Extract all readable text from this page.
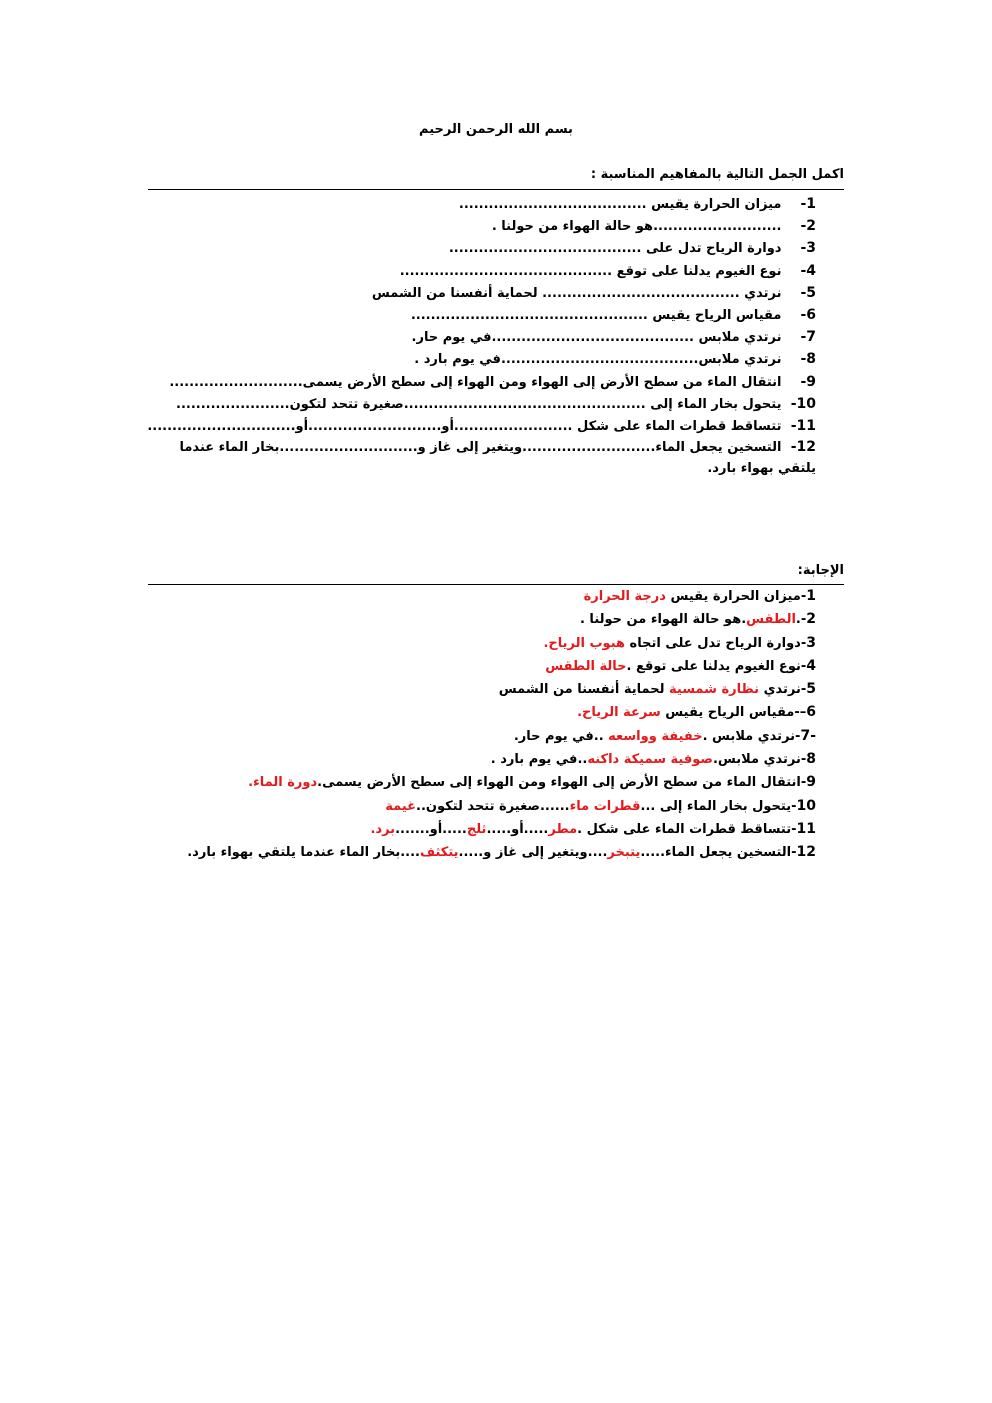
بسم الله الرحمن الرحيم
اكمل الجمل التالية بالمفاهيم المناسبة :
1- ميزان الحرارة يقيس ......................................
2- ..........................هو حالة الهواء من حولنا .
3- دوارة الرياح تدل على .......................................
4- نوع الغيوم يدلنا على توقع ...........................................
5- نرتدي ........................................ لحماية أنفسنا من الشمس
6- مقياس الرياح يقيس ................................................
7- نرتدي ملابس .........................................في يوم حار.
8- نرتدي ملابس........................................في يوم بارد .
9- انتقال الماء من سطح الأرض إلى الهواء ومن الهواء إلى سطح الأرض يسمى...........................
10- يتحول بخار الماء إلى .................................................صغيرة تتحد لتكون.......................
11- تتساقط قطرات الماء على شكل ........................أو...........................أو..............................
12- التسخين يجعل الماء...........................ويتغير إلى غاز و............................بخار الماء عندما يلتقي بهواء بارد.
الإجابة:
1-ميزان الحرارة يقيس درجة الحرارة
2-.الطقس.هو حالة الهواء من حولنا .
3-دوارة الرياح تدل على اتجاه هبوب الرياح.
4-نوع الغيوم يدلنا على توقع .حالة الطقس
5-نرتدي نظارة شمسية لحماية أنفسنا من الشمس
6–-مقياس الرياح يقيس سرعة الرياح.
-7-نرتدي ملابس .خفيفة وواسعه ..في يوم حار.
8-نرتدي ملابس.صوفية سميكة داكنه..في يوم بارد .
9-انتقال الماء من سطح الأرض إلى الهواء ومن الهواء إلى سطح الأرض يسمى.دورة الماء.
10-يتحول بخار الماء إلى ...قطرات ماء......صغيرة تتحد لتكون..غيمة
11-تتساقط قطرات الماء على شكل .مطر.....أو.....ثلج.....أو.......برد.
12-التسخين يجعل الماء.....يتبخر....ويتغير إلى غاز و.....يتكثف....بخار الماء عندما يلتقي بهواء بارد.
